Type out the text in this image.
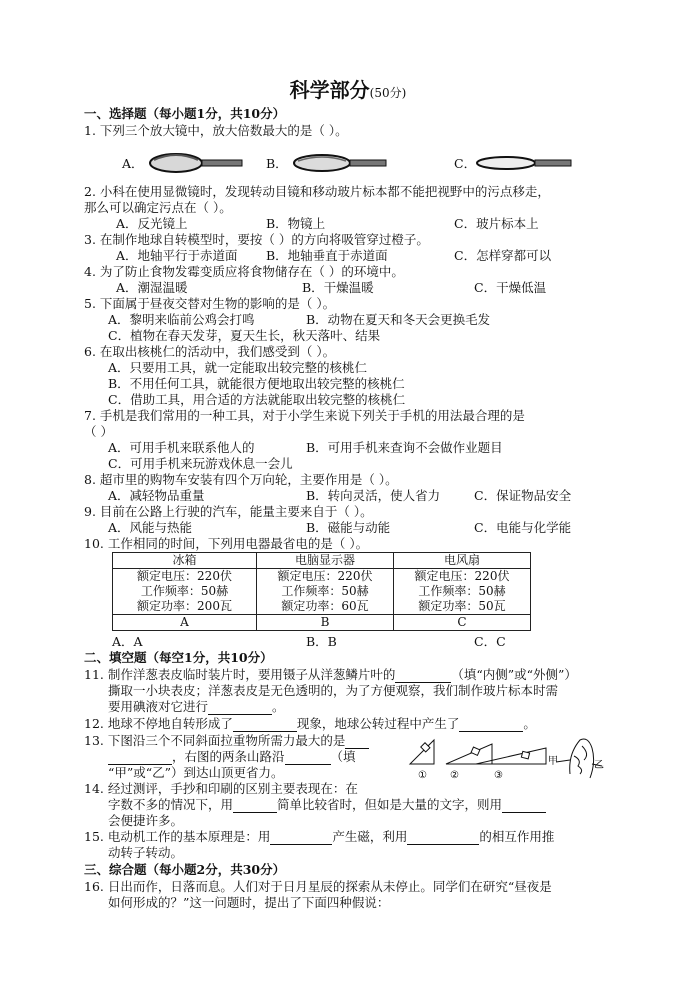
科学部分(50分)
一、选择题（每小题1分，共10分）
1. 下列三个放大镜中，放大倍数最大的是（ ）。
A．	B．	C．
2. 小科在使用显微镜时，发现转动目镜和移动玻片标本都不能把视野中的污点移走，
那么可以确定污点在（ ）。
A．反光镜上	B．物镜上	C．玻片标本上
3. 在制作地球自转模型时，要按（ ）的方向将吸管穿过橙子。
A．地轴平行于赤道面 B．地轴垂直于赤道面	C．怎样穿都可以
4. 为了防止食物发霉变质应将食物储存在（ ）的环境中。
A．潮湿温暖	B．干燥温暖	C．干燥低温
5. 下面属于昼夜交替对生物的影响的是（ ）。
A．黎明来临前公鸡会打鸣	B．动物在夏天和冬天会更换毛发
C．植物在春天发芽，夏天生长，秋天落叶、结果
6. 在取出核桃仁的活动中，我们感受到（ ）。
A．只要用工具，就一定能取出较完整的核桃仁
B．不用任何工具，就能很方便地取出较完整的核桃仁
C．借助工具，用合适的方法就能取出较完整的核桃仁
7. 手机是我们常用的一种工具，对于小学生来说下列关于手机的用法最合理的是
（ ）
A．可用手机来联系他人的	B．可用手机来查询不会做作业题目
C．可用手机来玩游戏休息一会儿
8. 超市里的购物车安装有四个万向轮，主要作用是（ ）。
A．减轻物品重量	B．转向灵活，使人省力	C．保证物品安全
9. 目前在公路上行驶的汽车，能量主要来自于（ ）。
A．风能与热能	B．磁能与动能	C．电能与化学能
10. 工作相同的时间，下列用电器最省电的是（ ）。
冰箱	电脑显示器	电风扇
额定电压：220伏	额定电压：220伏	额定电压：220伏
工作频率：50赫	工作频率：50赫	工作频率：50赫
额定功率：200瓦	额定功率：60瓦	额定功率：50瓦
A	B	C
A．A	B．B	C．C
二、填空题（每空1分，共10分）
11. 制作洋葱表皮临时装片时，要用镊子从洋葱鳞片叶的	（填“内侧”或“外侧”）
撕取一小块表皮；洋葱表皮是无色透明的，为了方便观察，我们制作玻片标本时需
要用碘液对它进行	。
12. 地球不停地自转形成了	现象，地球公转过程中产生了	。
13. 下图沿三个不同斜面拉重物所需力最大的是
，右图的两条山路沿	（填
“甲”或“乙”）到达山顶更省力。	① ②	③
甲	乙
14. 经过测评，手抄和印刷的区别主要表现在：在
字数不多的情况下，用	简单比较省时，但如是大量的文字，则用
会便捷许多。
15. 电动机工作的基本原理是：用	产生磁，利用	的相互作用推
动转子转动。
三、综合题（每小题2分，共30分）
16. 日出而作，日落而息。人们对于日月星辰的探索从未停止。同学们在研究“昼夜是
如何形成的？”这一问题时，提出了下面四种假说：
